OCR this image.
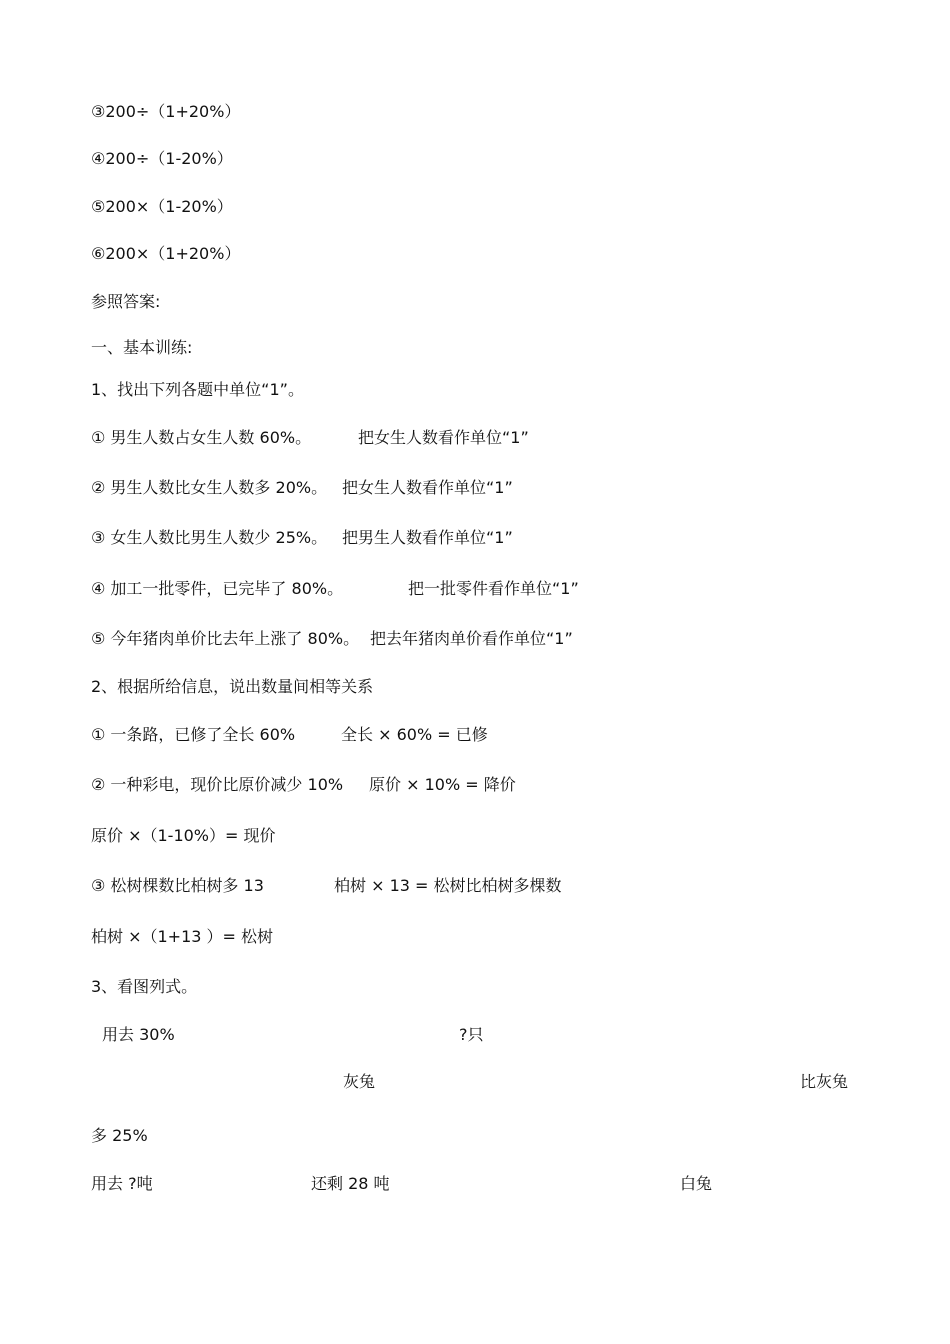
③200÷（1+20%）
④200÷（1-20%）
⑤200×（1-20%）
⑥200×（1+20%）
参照答案:
一、基本训练:
1、找出下列各题中单位“1”。
① 男生人数占女生人数 60%。	把女生人数看作单位“1”
② 男生人数比女生人数多 20%。 把女生人数看作单位“1”
③ 女生人数比男生人数少 25%。 把男生人数看作单位“1”
④ 加工一批零件，已完毕了 80%。	把一批零件看作单位“1”
⑤ 今年猪肉单价比去年上涨了 80%。 把去年猪肉单价看作单位“1”
2、根据所给信息，说出数量间相等关系
① 一条路，已修了全长 60%	全长 × 60% = 已修
② 一种彩电，现价比原价减少 10% 原价 × 10% = 降价
原价 ×（1-10%）= 现价
③ 松树棵数比柏树多 13	柏树 × 13 = 松树比柏树多棵数
柏树 ×（1+13 ）= 松树
3、看图列式。
用去 30%	?只
灰兔	比灰兔
多 25%
用去 ?吨	还剩 28 吨	白兔
